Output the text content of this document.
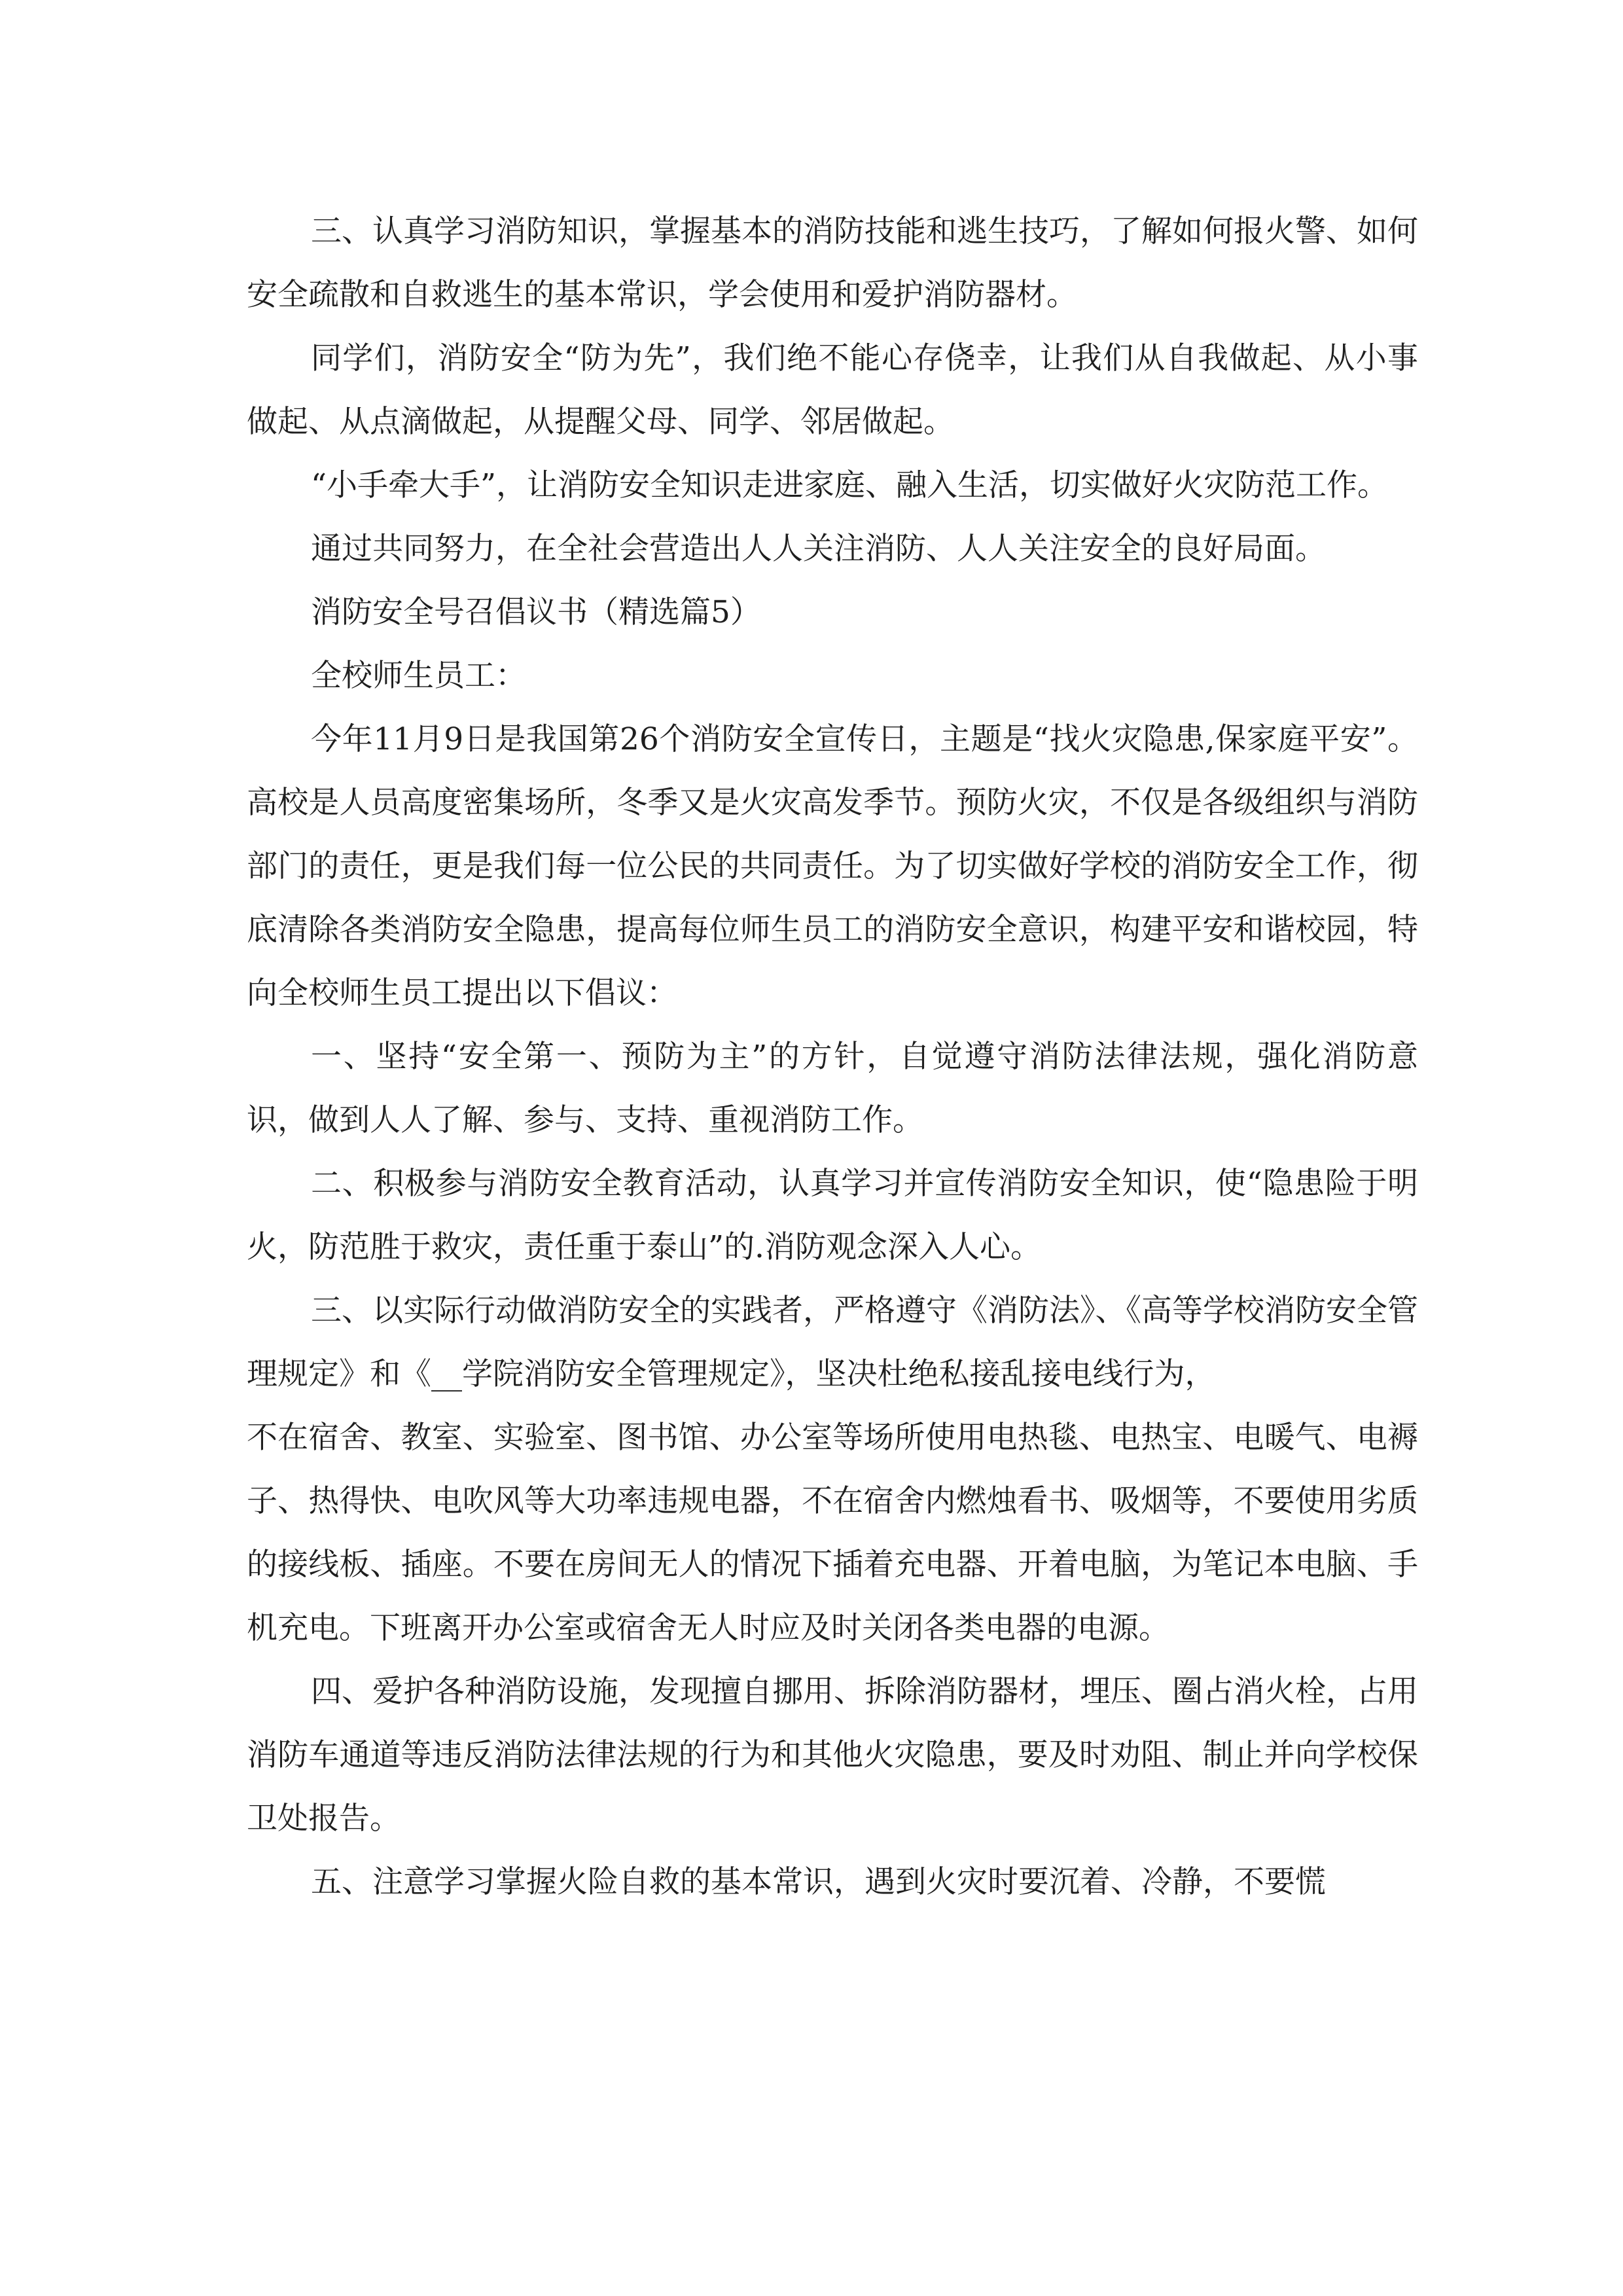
三、认真学习消防知识，掌握基本的消防技能和逃生技巧，了解如何报火警、如何安全疏散和自救逃生的基本常识，学会使用和爱护消防器材。

同学们，消防安全“防为先”，我们绝不能心存侥幸，让我们从自我做起、从小事做起、从点滴做起，从提醒父母、同学、邻居做起。

“小手牵大手”，让消防安全知识走进家庭、融入生活，切实做好火灾防范工作。

通过共同努力，在全社会营造出人人关注消防、人人关注安全的良好局面。

消防安全号召倡议书（精选篇5）

全校师生员工：

今年11月9日是我国第26个消防安全宣传日，主题是“找火灾隐患,保家庭平安”。高校是人员高度密集场所，冬季又是火灾高发季节。预防火灾，不仅是各级组织与消防部门的责任，更是我们每一位公民的共同责任。为了切实做好学校的消防安全工作，彻底清除各类消防安全隐患，提高每位师生员工的消防安全意识，构建平安和谐校园，特向全校师生员工提出以下倡议：

一、坚持“安全第一、预防为主”的方针，自觉遵守消防法律法规，强化消防意识，做到人人了解、参与、支持、重视消防工作。

二、积极参与消防安全教育活动，认真学习并宣传消防安全知识，使“隐患险于明火，防范胜于救灾，责任重于泰山”的.消防观念深入人心。

三、以实际行动做消防安全的实践者，严格遵守《消防法》、《高等学校消防安全管理规定》和《__学院消防安全管理规定》，坚决杜绝私接乱接电线行为，

不在宿舍、教室、实验室、图书馆、办公室等场所使用电热毯、电热宝、电暖气、电褥子、热得快、电吹风等大功率违规电器，不在宿舍内燃烛看书、吸烟等，不要使用劣质的接线板、插座。不要在房间无人的情况下插着充电器、开着电脑，为笔记本电脑、手机充电。下班离开办公室或宿舍无人时应及时关闭各类电器的电源。

四、爱护各种消防设施，发现擅自挪用、拆除消防器材，埋压、圈占消火栓，占用消防车通道等违反消防法律法规的行为和其他火灾隐患，要及时劝阻、制止并向学校保卫处报告。

五、注意学习掌握火险自救的基本常识，遇到火灾时要沉着、冷静，不要慌
